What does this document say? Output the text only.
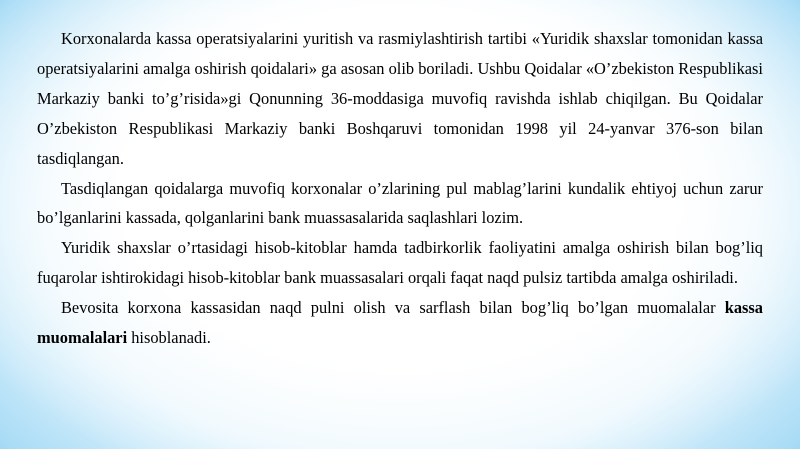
Korxonalarda kassa operatsiyalarini yuritish va rasmiylashtirish tartibi «Yuridik shaxslar tomonidan kassa operatsiyalarini amalga oshirish qoidalari» ga asosan olib boriladi. Ushbu Qoidalar «O’zbekiston Respublikasi Markaziy banki to’g’risida»gi Qonunning 36-moddasiga muvofiq ravishda ishlab chiqilgan. Bu Qoidalar O’zbekiston Respublikasi Markaziy banki Boshqaruvi tomonidan 1998 yil 24-yanvar 376-son bilan tasdiqlangan.

Tasdiqlangan qoidalarga muvofiq korxonalar o’zlarining pul mablag’larini kundalik ehtiyoj uchun zarur bo’lganlarini kassada, qolganlarini bank muassasalarida saqlashlari lozim.

Yuridik shaxslar o’rtasidagi hisob-kitoblar hamda tadbirkorlik faoliyatini amalga oshirish bilan bog’liq fuqarolar ishtirokidagi hisob-kitoblar bank muassasalari orqali faqat naqd pulsiz tartibda amalga oshiriladi.

Bevosita korxona kassasidan naqd pulni olish va sarflash bilan bog’liq bo’lgan muomalalar kassa muomalalari hisoblanadi.
